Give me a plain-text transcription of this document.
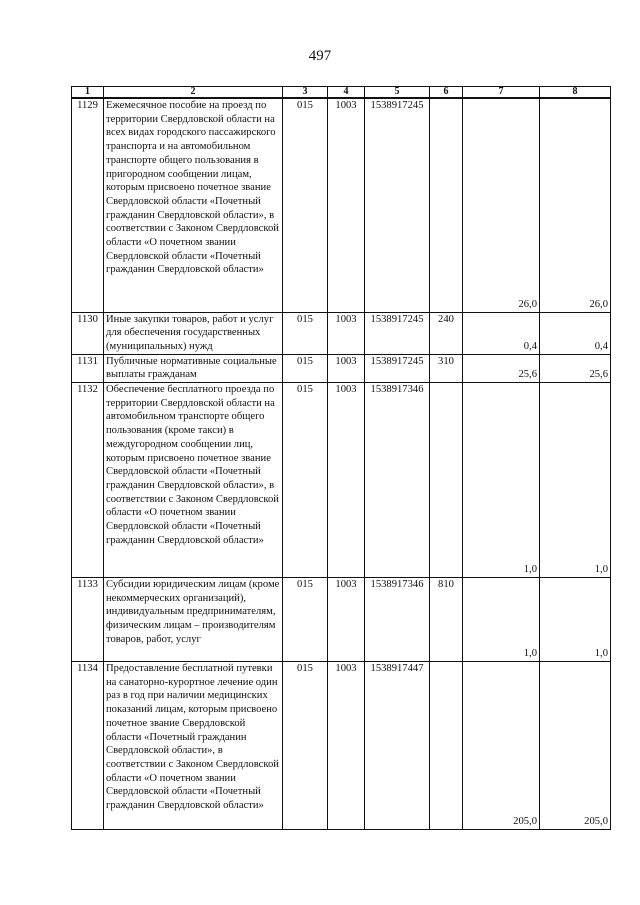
497
1	2	3	4	5	6	7	8
1129	Ежемесячное пособие на проезд по территории Свердловской области на всех видах городского пассажирского транспорта и на автомобильном транспорте общего пользования в пригородном сообщении лицам, которым присвоено почетное звание Свердловской области «Почетный гражданин Свердловской области», в соответствии с Законом Свердловской области «О почетном звании Свердловской области «Почетный гражданин Свердловской области»	015	1003	1538917245		26,0	26,0
1130	Иные закупки товаров, работ и услуг для обеспечения государственных (муниципальных) нужд	015	1003	1538917245	240	0,4	0,4
1131	Публичные нормативные социальные выплаты гражданам	015	1003	1538917245	310	25,6	25,6
1132	Обеспечение бесплатного проезда по территории Свердловской области на автомобильном транспорте общего пользования (кроме такси) в междугородном сообщении лиц, которым присвоено почетное звание Свердловской области «Почетный гражданин Свердловской области», в соответствии с Законом Свердловской области «О почетном звании Свердловской области «Почетный гражданин Свердловской области»	015	1003	1538917346		1,0	1,0
1133	Субсидии юридическим лицам (кроме некоммерческих организаций), индивидуальным предпринимателям, физическим лицам – производителям товаров, работ, услуг	015	1003	1538917346	810	1,0	1,0
1134	Предоставление бесплатной путевки на санаторно-курортное лечение один раз в год при наличии медицинских показаний лицам, которым присвоено почетное звание Свердловской области «Почетный гражданин Свердловской области», в соответствии с Законом Свердловской области «О почетном звании Свердловской области «Почетный гражданин Свердловской области»	015	1003	1538917447		205,0	205,0
